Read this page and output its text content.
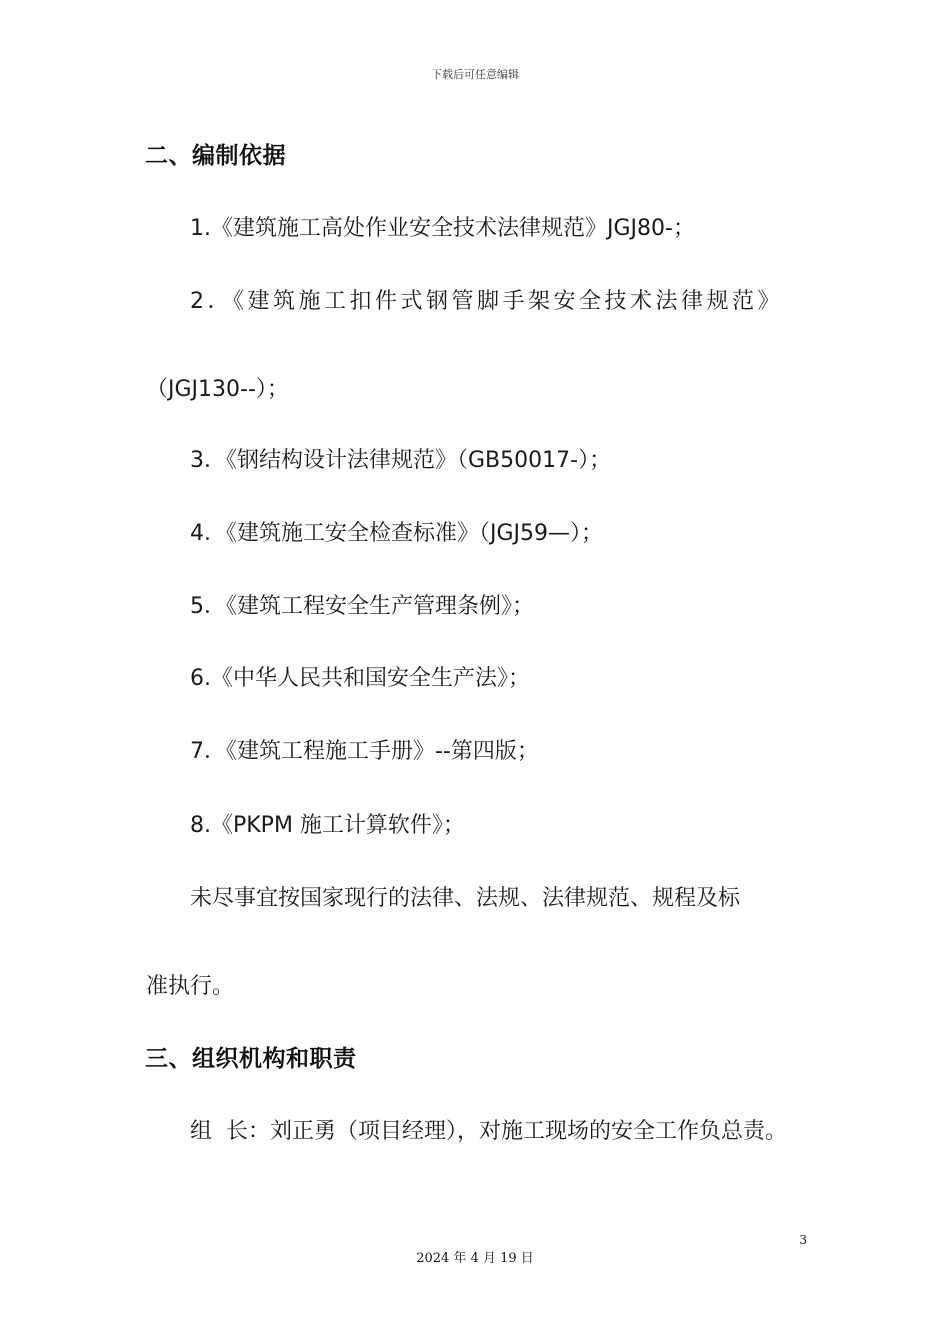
下载后可任意编辑
二、编制依据
1.《建筑施工高处作业安全技术法律规范》JGJ80-；
2．《建筑施工扣件式钢管脚手架安全技术法律规范》
（JGJ130--）；
3．《钢结构设计法律规范》（GB50017-）；
4．《建筑施工安全检查标准》（JGJ59—）；
5．《建筑工程安全生产管理条例》；
6.《中华人民共和国安全生产法》；
7．《建筑工程施工手册》--第四版；
8.《PKPM 施工计算软件》；
未尽事宜按国家现行的法律、法规、法律规范、规程及标
准执行。
三、组织机构和职责
组  长：刘正勇（项目经理），对施工现场的安全工作负总责。
3
2024 年 4 月 19 日
